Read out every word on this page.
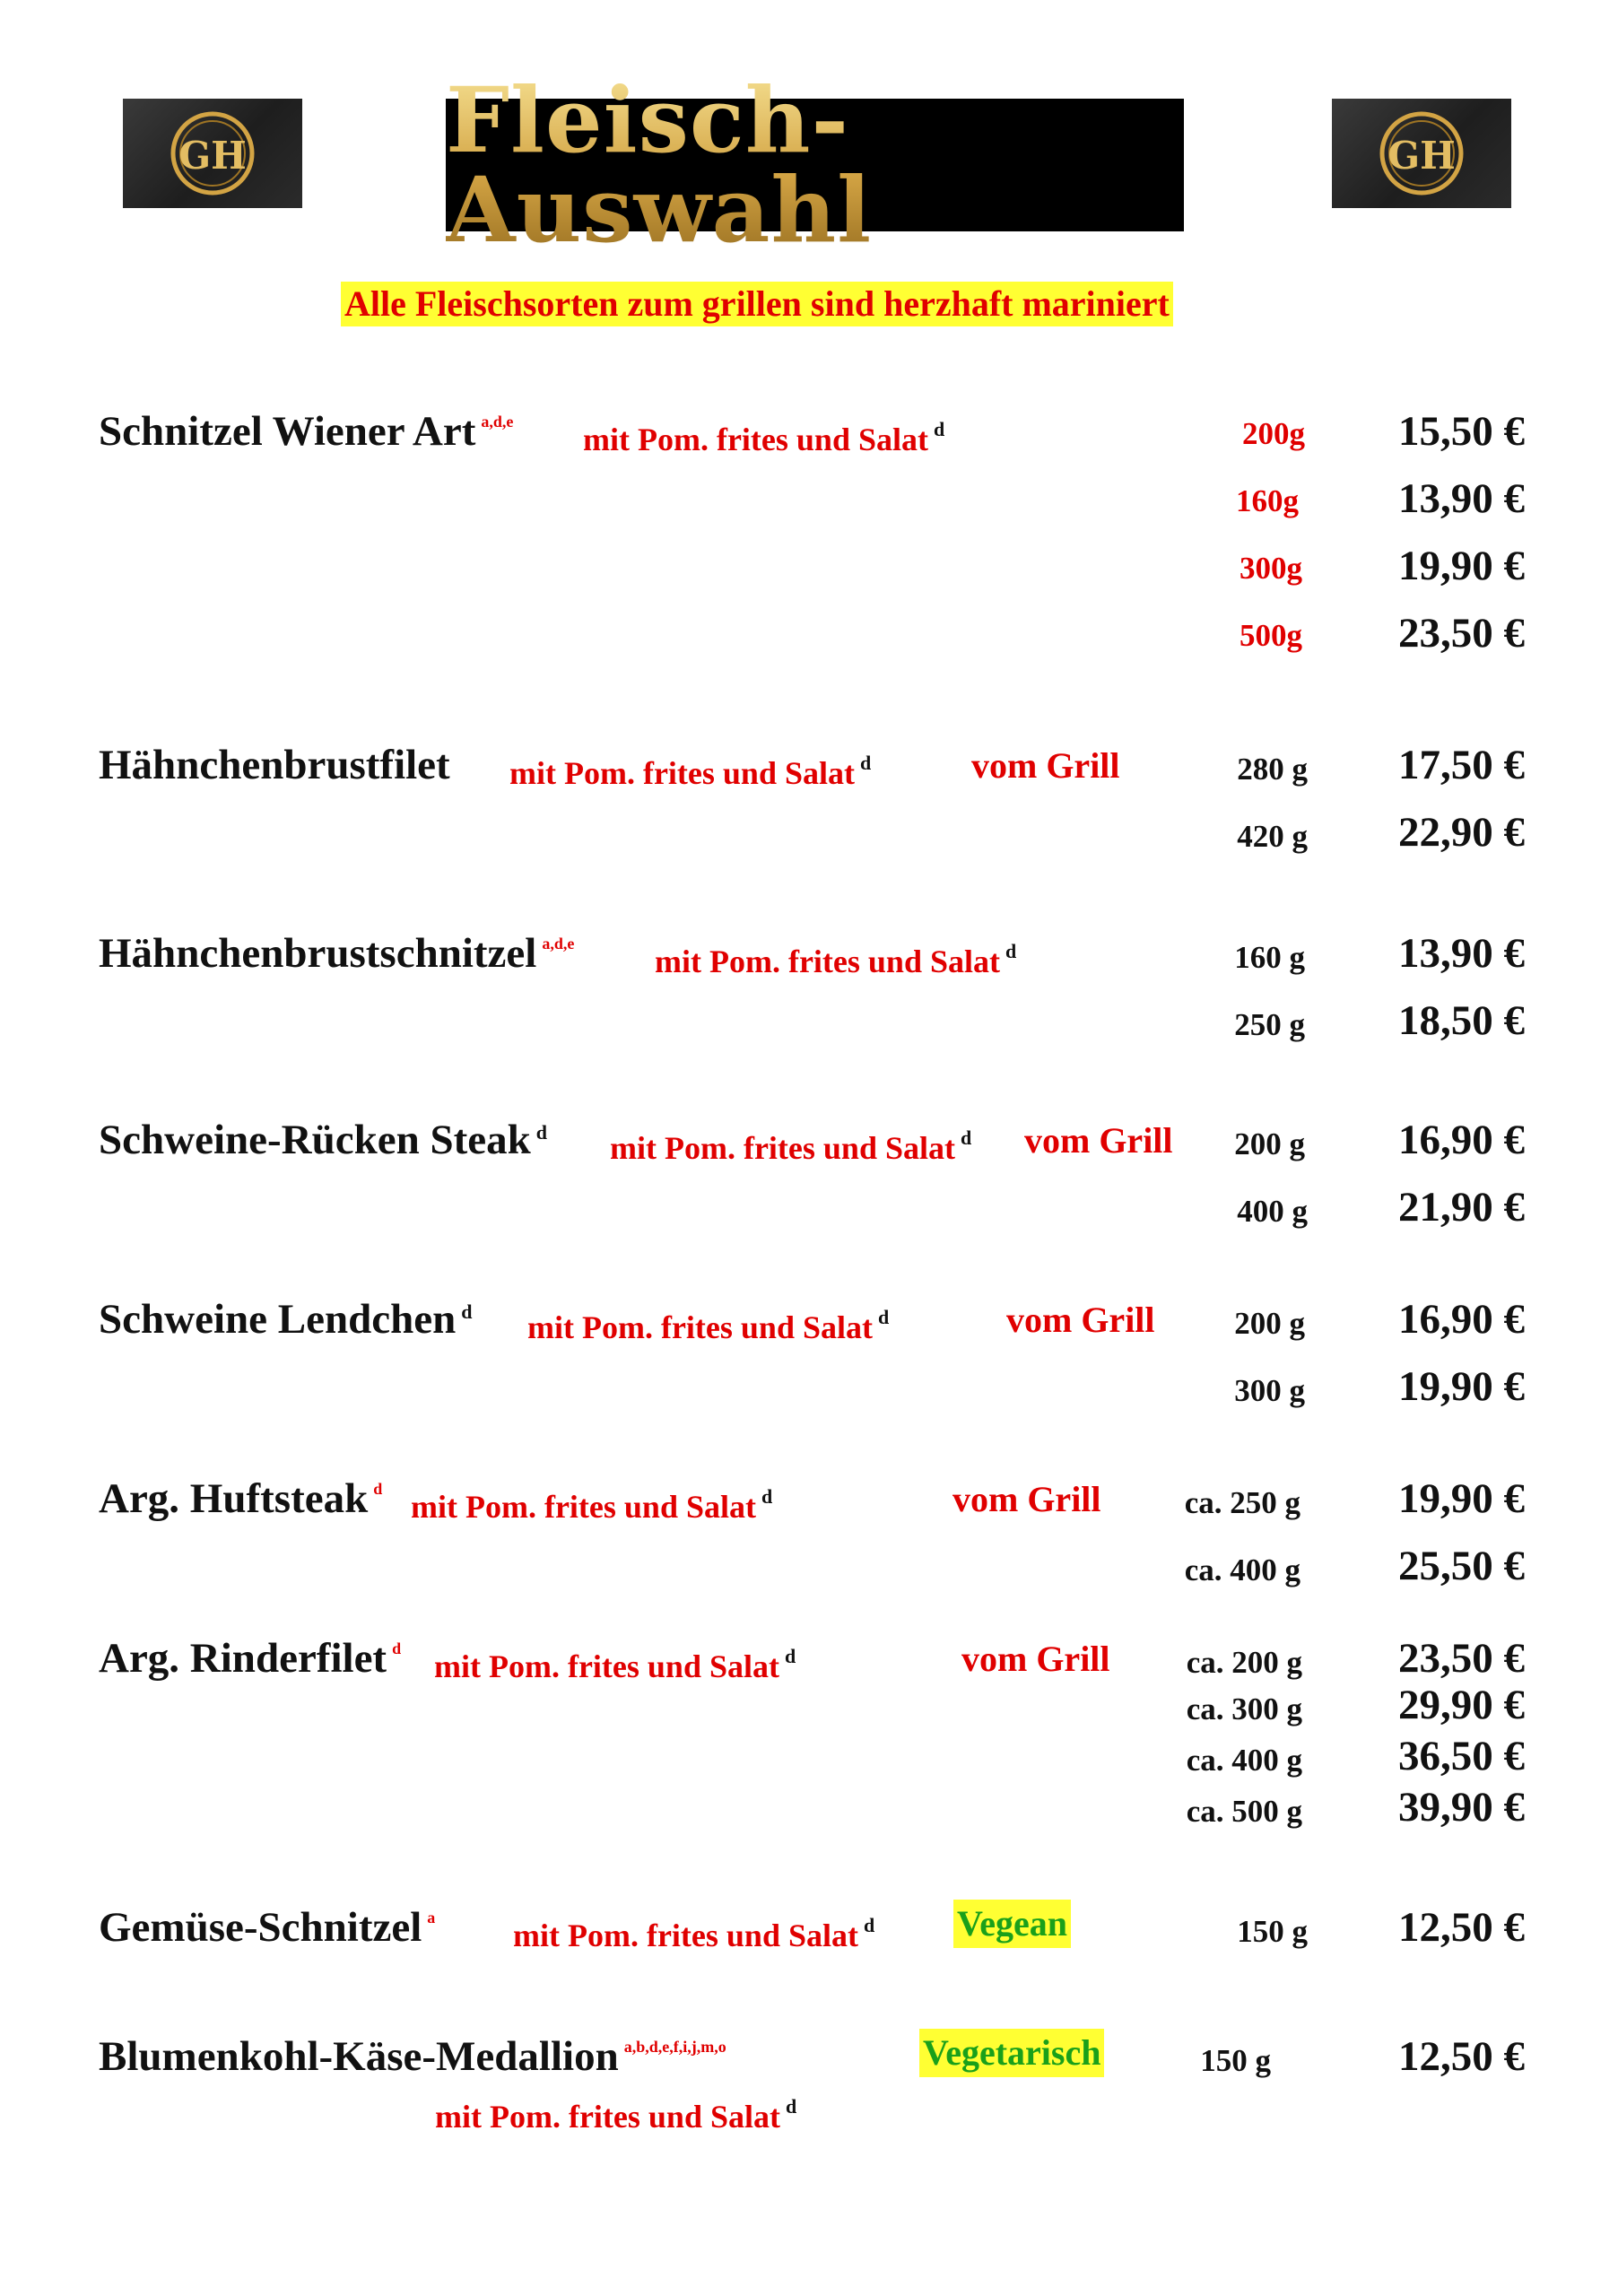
GH Fleisch-Auswahl
GH
Alle Fleischsorten zum grillen sind herzhaft mariniert
Schnitzel Wiener Art a,d,e mit Pom. frites und Salat d	200g	15,50 €
160g	13,90 €
300g	19,90 €
500g	23,50 €
Hähnchenbrustfilet mit Pom. frites und Salat d	vom Grill	280 g	17,50 €
420 g	22,90 €
Hähnchenbrustschnitzel a,d,e mit Pom. frites und Salat d	160 g	13,90 €
250 g	18,50 €
Schweine-Rücken Steak d mit Pom. frites und Salat d vom Grill	200 g	16,90 €
400 g	21,90 €
Schweine Lendchen d mit Pom. frites und Salat d	vom Grill	200 g	16,90 €
300 g	19,90 €
Arg. Huftsteak d mit Pom. frites und Salat d	vom Grill	ca. 250 g	19,90 €
ca. 400 g	25,50 €
Arg. Rinderfilet d mit Pom. frites und Salat d	vom Grill	ca. 200 g	23,50 €
ca. 300 g	29,90 €
ca. 400 g	36,50 €
ca. 500 g	39,90 €
Gemüse-Schnitzel a mit Pom. frites und Salat d Vegean	150 g	12,50 €
Blumenkohl-Käse-Medallion a,b,d,e,f,i,j,m,o	Vegetarisch	150 g	12,50 €
mit Pom. frites und Salat d
